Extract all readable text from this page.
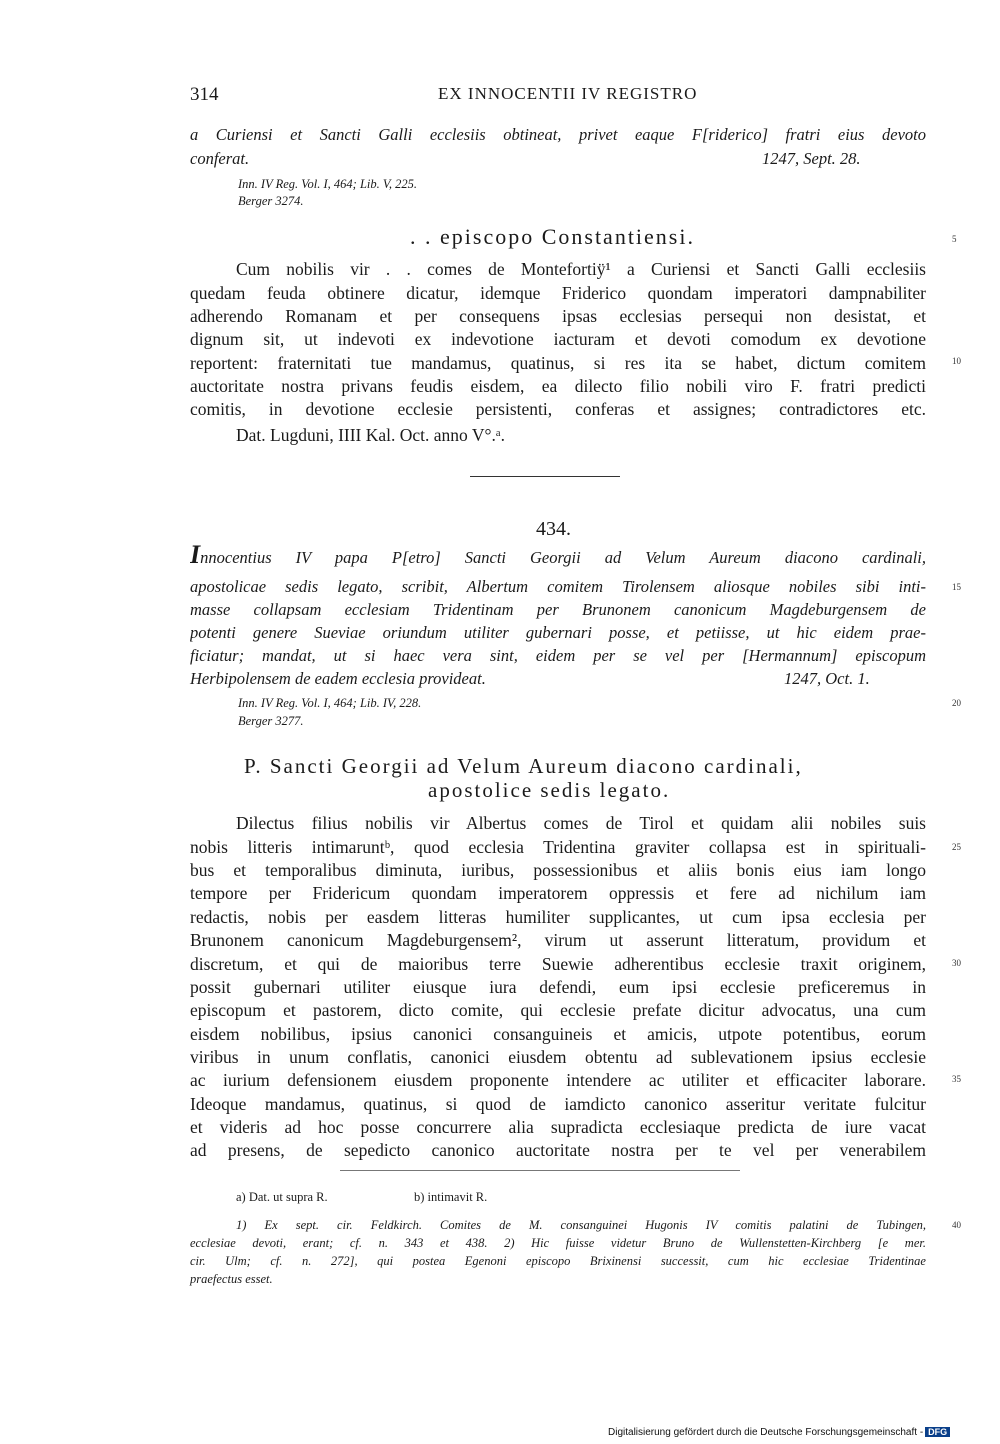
314	EX INNOCENTII IV REGISTRO
a Curiensi et Sancti Galli ecclesiis obtineat, privet eaque F[riderico] fratri eius devoto
conferat.	1247, Sept. 28.
Inn. IV Reg. Vol. I, 464; Lib. V, 225.
Berger 3274.
. . episcopo Constantiensi.	5
Cum nobilis vir . . comes de Montefortiÿ¹ a Curiensi et Sancti Galli ecclesiis
quedam feuda obtinere dicatur, idemque Friderico quondam imperatori dampnabiliter
adherendo Romanam et per consequens ipsas ecclesias persequi non desistat, et
dignum sit, ut indevoti ex indevotione iacturam et devoti comodum ex devotione
reportent: fraternitati tue mandamus, quatinus, si res ita se habet, dictum comitem	10
auctoritate nostra privans feudis eisdem, ea dilecto filio nobili viro F. fratri predicti
comitis, in devotione ecclesie persistenti, conferas et assignes; contradictores etc.
Dat. Lugduni, IIII Kal. Oct. anno V°.ᵃ.
434.
Innocentius IV papa P[etro] Sancti Georgii ad Velum Aureum diacono cardinali,
apostolicae sedis legato, scribit, Albertum comitem Tirolensem aliosque nobiles sibi inti-	15
masse collapsam ecclesiam Tridentinam per Brunonem canonicum Magdeburgensem de
potenti genere Sueviae oriundum utiliter gubernari posse, et petiisse, ut hic eidem prae-
ficiatur; mandat, ut si haec vera sint, eidem per se vel per [Hermannum] episcopum
Herbipolensem de eadem ecclesia provideat.	1247, Oct. 1.
Inn. IV Reg. Vol. I, 464; Lib. IV, 228.	20
Berger 3277.
P. Sancti Georgii ad Velum Aureum diacono cardinali,
apostolice sedis legato.
Dilectus filius nobilis vir Albertus comes de Tirol et quidam alii nobiles suis
nobis litteris intimaruntᵇ, quod ecclesia Tridentina graviter collapsa est in spirituali-	25
bus et temporalibus diminuta, iuribus, possessionibus et aliis bonis eius iam longo
tempore per Fridericum quondam imperatorem oppressis et fere ad nichilum iam
redactis, nobis per easdem litteras humiliter supplicantes, ut cum ipsa ecclesia per
Brunonem canonicum Magdeburgensem², virum ut asserunt litteratum, providum et
discretum, et qui de maioribus terre Suewie adherentibus ecclesie traxit originem,	30
possit gubernari utiliter eiusque iura defendi, eum ipsi ecclesie preficeremus in
episcopum et pastorem, dicto comite, qui ecclesie prefate dicitur advocatus, una cum
eisdem nobilibus, ipsius canonici consanguineis et amicis, utpote potentibus, eorum
viribus in unum conflatis, canonici eiusdem obtentu ad sublevationem ipsius ecclesie
ac iurium defensionem eiusdem proponente intendere ac utiliter et efficaciter laborare.	35
Ideoque mandamus, quatinus, si quod de iamdicto canonico asseritur veritate fulcitur
et videris ad hoc posse concurrere alia supradicta ecclesiaque predicta de iure vacat
ad presens, de sepedicto canonico auctoritate nostra per te vel per venerabilem
a) Dat. ut supra R.	b) intimavit R.
1) Ex sept. cir. Feldkirch. Comites de M. consanguinei Hugonis IV comitis palatini de Tubingen,	40
ecclesiae devoti, erant; cf. n. 343 et 438. 2) Hic fuisse videtur Bruno de Wullenstetten-Kirchberg [e mer.
cir. Ulm; cf. n. 272], qui postea Egenoni episcopo Brixinensi successit, cum hic ecclesiae Tridentinae
praefectus esset.
Digitalisierung gefördert durch die Deutsche Forschungsgemeinschaft - DFG
